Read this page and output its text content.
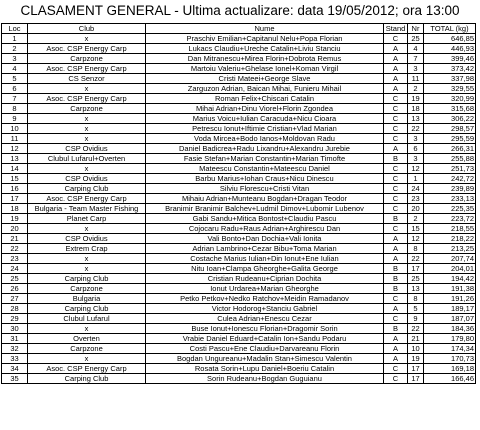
CLASAMENT GENERAL - Ultima actualizare: data 19/05/2012; ora 13:00
Loc	Club	Nume	Stand	Nr	TOTAL (kg)
1	x	Praschiv Emilian+Capitanul Nelu+Popa Florian	C	25	646,85
2	Asoc. CSP Energy Carp	Lukacs Claudiu+Ureche Catalin+Liviu Stanciu	A	4	446,93
3	Carpzone	Dan Mitranescu+Mirea Florin+Dobrota Remus	A	7	399,46
4	Asoc. CSP Energy Carp	Martoiu Valeriu+Ghelase Ionel+Koman Virgil	A	3	373,42
5	CS Senzor	Cristi Mateei+George Slave	A	11	337,98
6	x	Zarguzon Adrian, Baican Mihai, Funieru Mihail	A	2	329,55
7	Asoc. CSP Energy Carp	Roman Felix+Chiscari Catalin	C	19	320,99
8	Carpzone	Mihai Adrian+Dinu Viorel+Florin Zgondea	C	18	315,68
9	x	Marius Voicu+Iulian Caracuda+Nicu Cioara	C	13	306,22
10	x	Petrescu Ionut+Iftimie Cristian+Vlad Marian	C	22	298,57
11	x	Voda Mircea+Bodo Ianos+Moldovan Radu	C	3	295,59
12	CSP Ovidius	Daniel Badicrea+Radu Lixandru+Alexandru Jurebie	A	6	266,31
13	Clubul Lufarul+Overten	Fasie Stefan+Marian Constantin+Marian Timofte	B	3	255,88
14	x	Mateescu Constantin+Mateescu Daniel	C	12	251,73
15	CSP Ovidius	Barbu Marius+Iohan Craus+Nicu Dinescu	C	1	242,72
16	Carping Club	Silviu Florescu+Cristi Vitan	C	24	239,89
17	Asoc. CSP Energy Carp	Mihaiu Adrian+Munteanu Bogdan+Dragan Teodor	C	23	233,13
18	Bulgaria - Team Master Fishing	Branimir Branimir Balchev+Ludmil Dimov+Lubomir Lubenov	C	20	225,35
19	Planet Carp	Gabi Sandu+Mitica Bontost+Claudiu Pascu	B	2	223,72
20	x	Cojocaru Radu+Raus Adrian+Arghirescu Dan	C	15	218,55
21	CSP Ovidius	Vali Bonto+Dan Dochia+Vali Ionita	A	12	218,22
22	Extrem Crap	Adrian Lambrino+Cezar Bibu+Toma Marian	A	8	213,25
23	x	Costache Marius Iulian+Din Ionut+Ene Iulian	A	22	207,74
24	x	Nitu Ioan+Clampa Gheorghe+Galita George	B	17	204,01
25	Carping Club	Cristian Rudeanu+Ciprian Dochita	B	25	194,42
26	Carpzone	Ionut Urdarea+Marian Gheorghe	B	13	191,38
27	Bulgaria	Petko Petkov+Nedko Ratchov+Meidin Ramadanov	C	8	191,26
28	Carping Club	Victor Hodorog+Stanciu Gabriel	A	5	189,17
29	Clubul Lufarul	Culea Adrian+Enescu Cezar	C	9	187,07
30	x	Buse Ionut+Ionescu Florian+Dragomir Sorin	B	22	184,36
31	Overten	Vrabie Daniel Eduard+Catalin Ion+Sandu Podaru	A	21	179,80
32	Carpzone	Costi Pascu+Ene Claudiu+Darvareanu Florin	A	10	174,34
33	x	Bogdan Ungureanu+Madalin Stan+Simescu Valentin	A	19	170,73
34	Asoc. CSP Energy Carp	Rosata Sorin+Lupu Daniel+Boeriu Catalin	C	17	169,18
35	Carping Club	Sorin Rudeanu+Bogdan Guguianu	C	17	166,46
